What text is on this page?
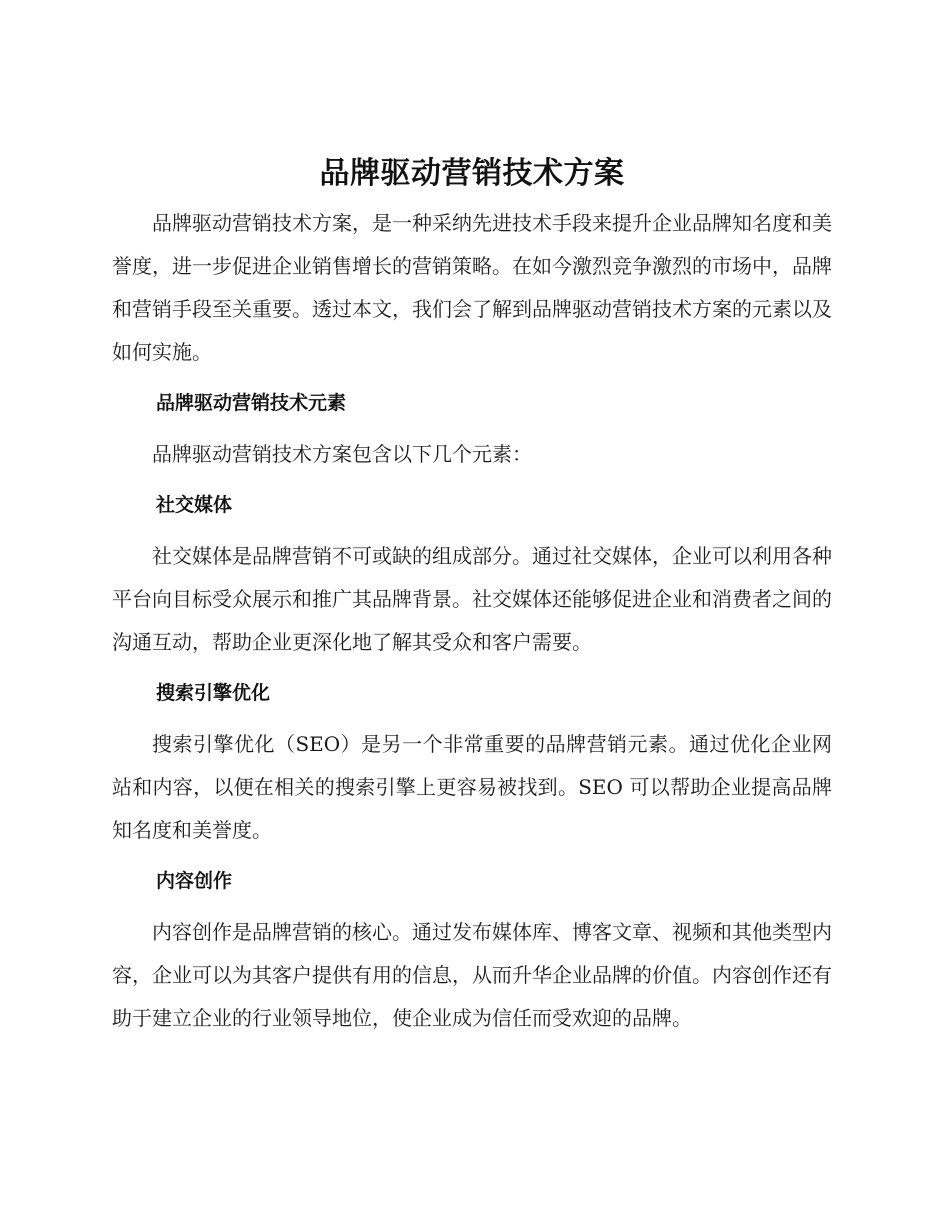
品牌驱动营销技术方案

品牌驱动营销技术方案，是一种采纳先进技术手段来提升企业品牌知名度和美誉度，进一步促进企业销售增长的营销策略。在如今激烈竞争激烈的市场中，品牌和营销手段至关重要。透过本文，我们会了解到品牌驱动营销技术方案的元素以及如何实施。

品牌驱动营销技术元素

品牌驱动营销技术方案包含以下几个元素：

社交媒体

社交媒体是品牌营销不可或缺的组成部分。通过社交媒体，企业可以利用各种平台向目标受众展示和推广其品牌背景。社交媒体还能够促进企业和消费者之间的沟通互动，帮助企业更深化地了解其受众和客户需要。

搜索引擎优化

搜索引擎优化（SEO）是另一个非常重要的品牌营销元素。通过优化企业网站和内容，以便在相关的搜索引擎上更容易被找到。SEO 可以帮助企业提高品牌知名度和美誉度。

内容创作

内容创作是品牌营销的核心。通过发布媒体库、博客文章、视频和其他类型内容，企业可以为其客户提供有用的信息，从而升华企业品牌的价值。内容创作还有助于建立企业的行业领导地位，使企业成为信任而受欢迎的品牌。
